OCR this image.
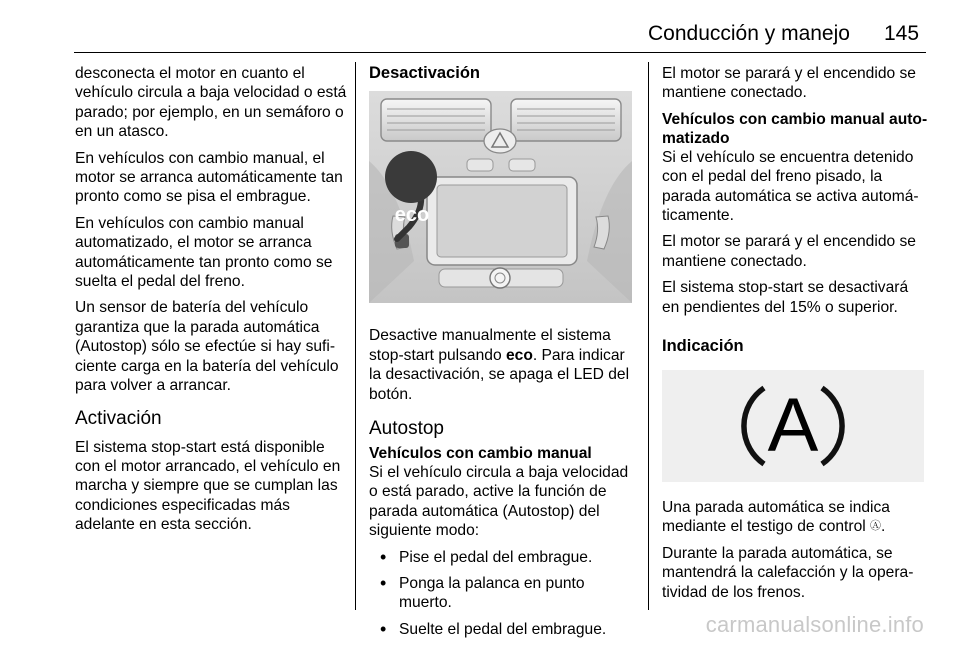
Conducción y manejo	145

desconecta el motor en cuanto el vehículo circula a baja velocidad o está parado; por ejemplo, en un semáforo o en un atasco.

En vehículos con cambio manual, el motor se arranca automáticamente tan pronto como se pisa el embrague.

En vehículos con cambio manual automatizado, el motor se arranca automáticamente tan pronto como se suelta el pedal del freno.

Un sensor de batería del vehículo garantiza que la parada automática (Autostop) sólo se efectúe si hay suficiente carga en la batería del vehículo para volver a arrancar.

Activación

El sistema stop-start está disponible con el motor arrancado, el vehículo en marcha y siempre que se cumplan las condiciones especificadas más adelante en esta sección.

Desactivación
eco

Desactive manualmente el sistema stop-start pulsando eco. Para indicar la desactivación, se apaga el LED del botón.

Autostop
Vehículos con cambio manual

Si el vehículo circula a baja velocidad o está parado, active la función de parada automática (Autostop) del siguiente modo:

• Pise el pedal del embrague.
• Ponga la palanca en punto muerto.
• Suelte el pedal del embrague.

El motor se parará y el encendido se mantiene conectado.

Vehículos con cambio manual automatizado

Si el vehículo se encuentra detenido con el pedal del freno pisado, la parada automática se activa automáticamente.

El motor se parará y el encendido se mantiene conectado.

El sistema stop-start se desactivará en pendientes del 15% o superior.

Indicación
A

Una parada automática se indica mediante el testigo de control Ⓐ.

Durante la parada automática, se mantendrá la calefacción y la operatividad de los frenos.

carmanualsonline.info
